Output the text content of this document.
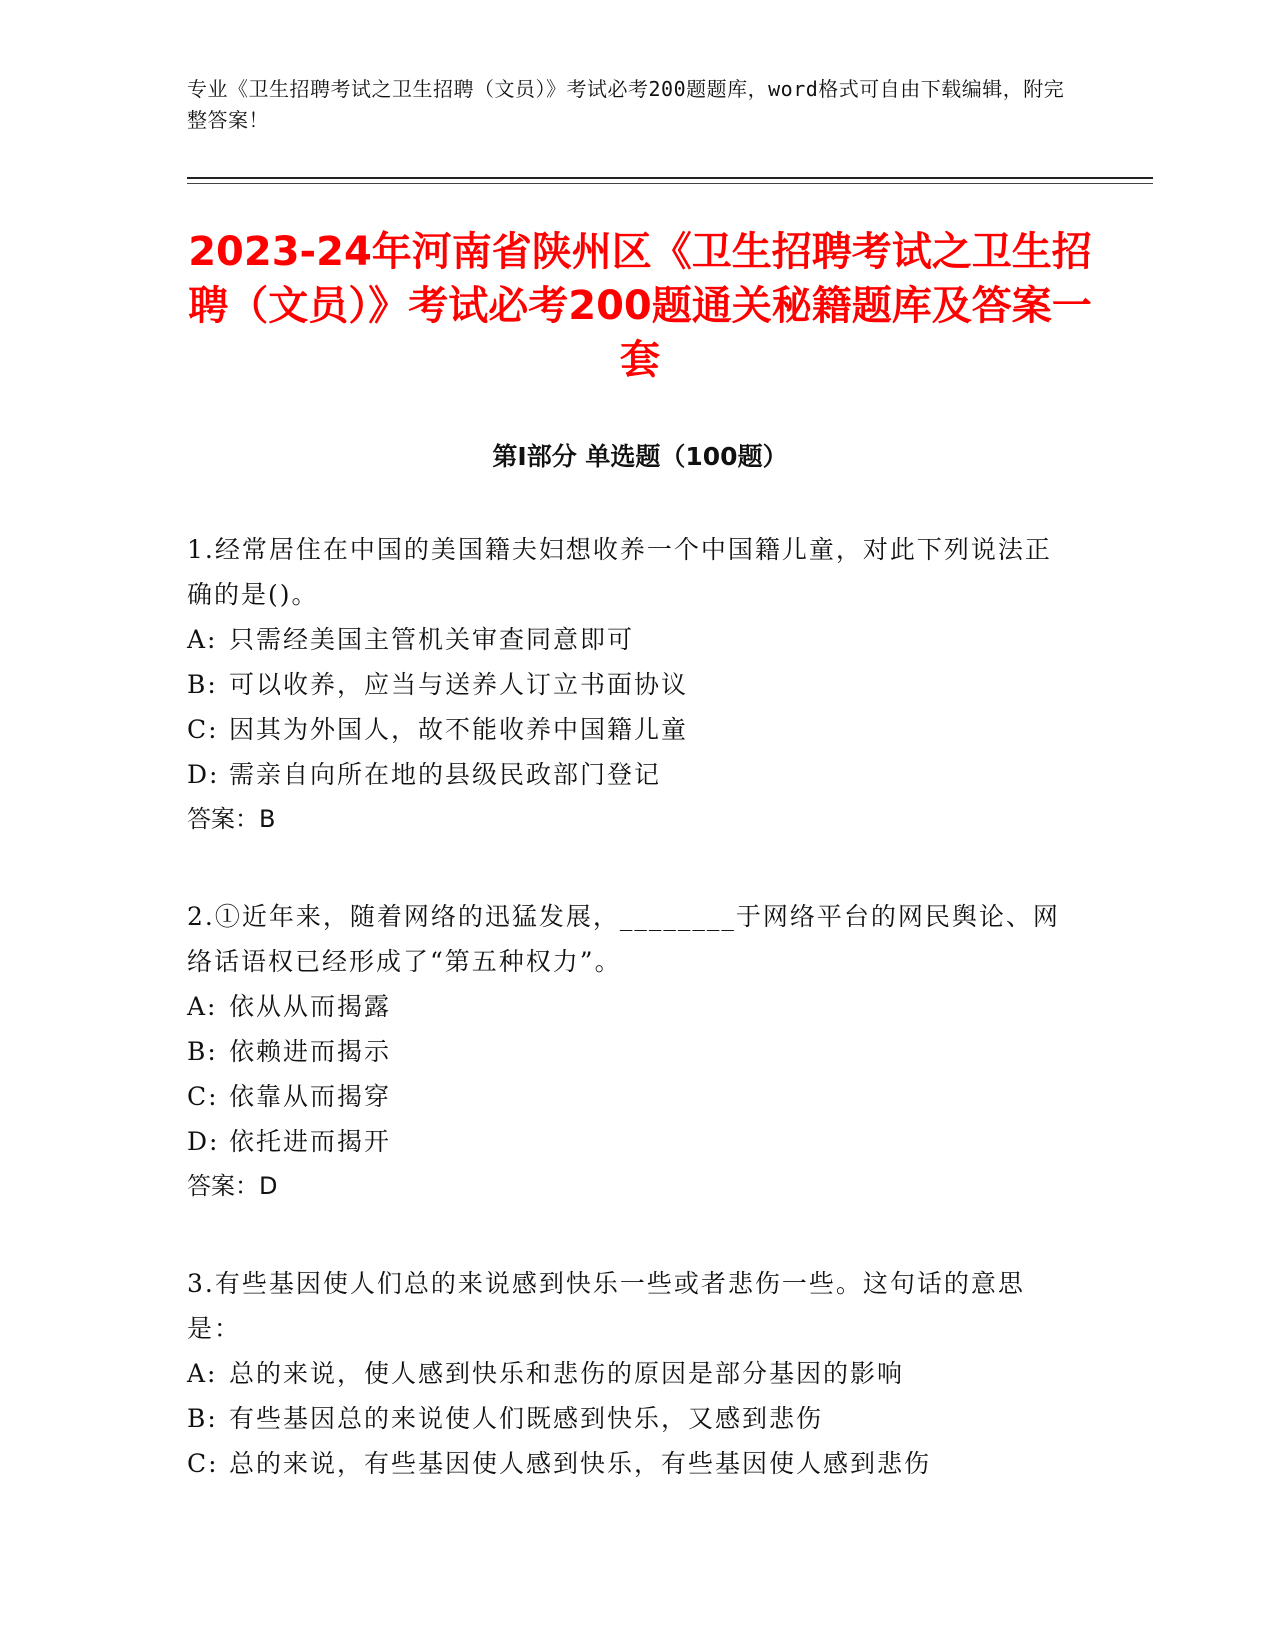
专业《卫生招聘考试之卫生招聘（文员）》考试必考200题题库，word格式可自由下载编辑，附完整答案！
2023-24年河南省陕州区《卫生招聘考试之卫生招聘（文员）》考试必考200题通关秘籍题库及答案一套
第I部分 单选题（100题）
1.经常居住在中国的美国籍夫妇想收养一个中国籍儿童，对此下列说法正确的是()。
A: 只需经美国主管机关审查同意即可
B: 可以收养，应当与送养人订立书面协议
C: 因其为外国人，故不能收养中国籍儿童
D: 需亲自向所在地的县级民政部门登记
答案：B
2.①近年来，随着网络的迅猛发展，________于网络平台的网民舆论、网络话语权已经形成了“第五种权力”。
A: 依从从而揭露
B: 依赖进而揭示
C: 依靠从而揭穿
D: 依托进而揭开
答案：D
3.有些基因使人们总的来说感到快乐一些或者悲伤一些。这句话的意思是：
A: 总的来说，使人感到快乐和悲伤的原因是部分基因的影响
B: 有些基因总的来说使人们既感到快乐，又感到悲伤
C: 总的来说，有些基因使人感到快乐，有些基因使人感到悲伤
